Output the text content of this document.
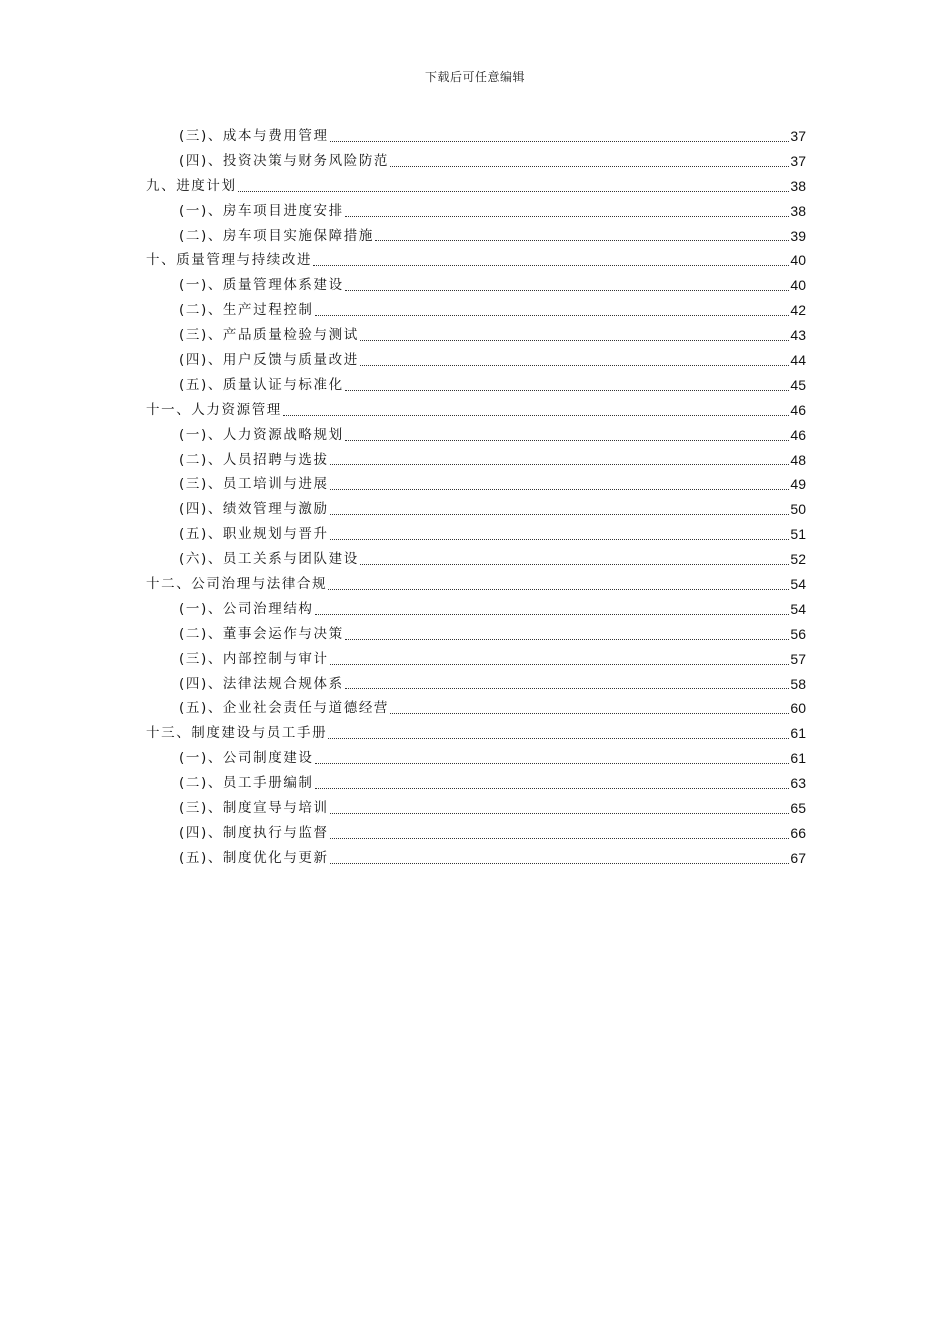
下载后可任意编辑
(三)、成本与费用管理	37
(四)、投资决策与财务风险防范	37
九、进度计划	38
(一)、房车项目进度安排	38
(二)、房车项目实施保障措施	39
十、质量管理与持续改进	40
(一)、质量管理体系建设	40
(二)、生产过程控制	42
(三)、产品质量检验与测试	43
(四)、用户反馈与质量改进	44
(五)、质量认证与标准化	45
十一、人力资源管理	46
(一)、人力资源战略规划	46
(二)、人员招聘与选拔	48
(三)、员工培训与进展	49
(四)、绩效管理与激励	50
(五)、职业规划与晋升	51
(六)、员工关系与团队建设	52
十二、公司治理与法律合规	54
(一)、公司治理结构	54
(二)、董事会运作与决策	56
(三)、内部控制与审计	57
(四)、法律法规合规体系	58
(五)、企业社会责任与道德经营	60
十三、制度建设与员工手册	61
(一)、公司制度建设	61
(二)、员工手册编制	63
(三)、制度宣导与培训	65
(四)、制度执行与监督	66
(五)、制度优化与更新	67
